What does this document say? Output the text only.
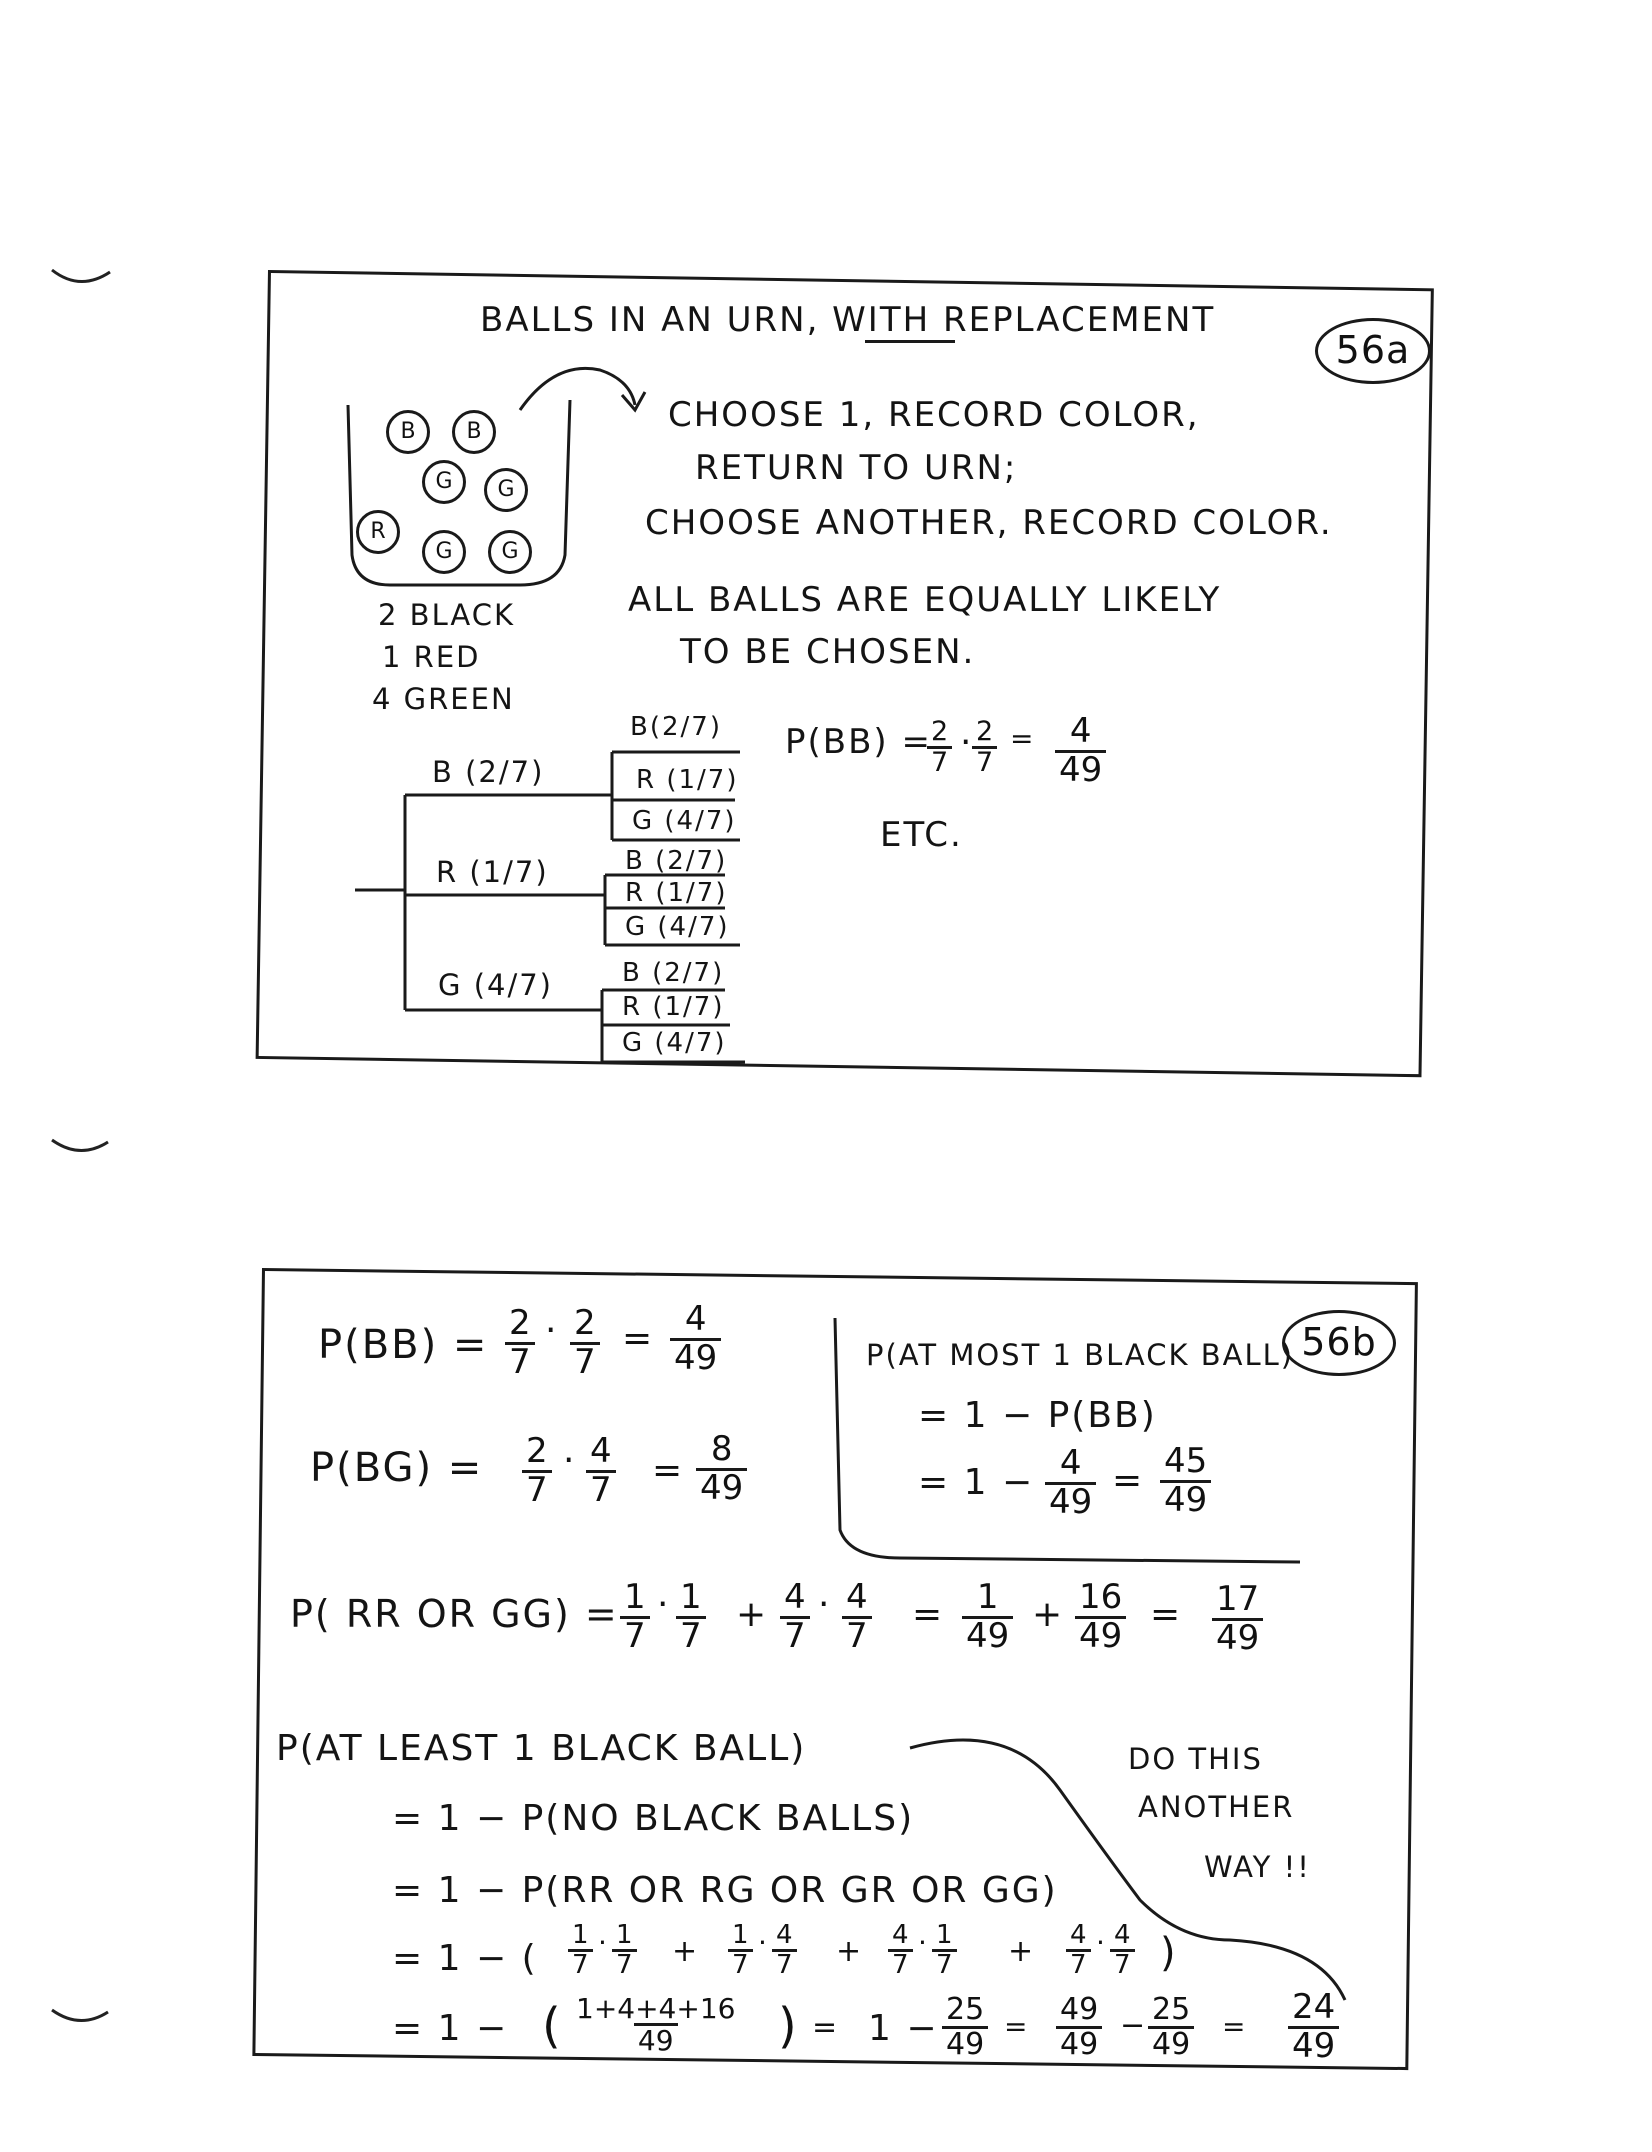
BALLS IN AN URN, WITH REPLACEMENT
56a
B	B
G	G
R
G	G
2 BLACK
1 RED
4 GREEN
CHOOSE 1, RECORD COLOR,
RETURN TO URN;
CHOOSE ANOTHER, RECORD COLOR.
ALL BALLS ARE EQUALLY LIKELY
TO BE CHOSEN.
B (2/7)
R (1/7)
G (4/7)
B(2/7)
R (1/7)
G (4/7)
B (2/7)
R (1/7)
G (4/7)
B (2/7)
R (1/7)
G (4/7)
P(BB) =
$\frac{2}{7} \cdot \frac{2}{7} = \frac{4}{49}$
ETC.
56b
$P(BB) = \frac{2}{7} \cdot \frac{2}{7} = \frac{4}{49}$
$P(BG) = \frac{2}{7} \cdot \frac{4}{7} = \frac{8}{49}$
P(AT MOST 1 BLACK BALL)
= 1 − P(BB)
= $1 - \frac{4}{49} = \frac{45}{49}$
P( RR OR $GG) = \frac{1}{7} \cdot \frac{1}{7} + \frac{4}{7} \cdot \frac{4}{7} = \frac{1}{49} + \frac{16}{49} = \frac{17}{49}$
P(AT LEAST 1 BLACK BALL)
= 1 − P(NO BLACK BALLS)
= 1 − P(RR OR RG OR GR OR GG)
= 1 − ( $\frac{1}{7} \cdot \frac{1}{7} + \frac{1}{7} \cdot \frac{4}{7} + \frac{4}{7} \cdot \frac{1}{7} + \frac{4}{7} \cdot \frac{4}{7}$ )
= 1 − ( $\frac{1+4+4+16}{49}$ ) = $1 - \frac{25}{49} = \frac{49}{49} - \frac{25}{49} = \frac{24}{49}$
DO THIS
ANOTHER
WAY !!
